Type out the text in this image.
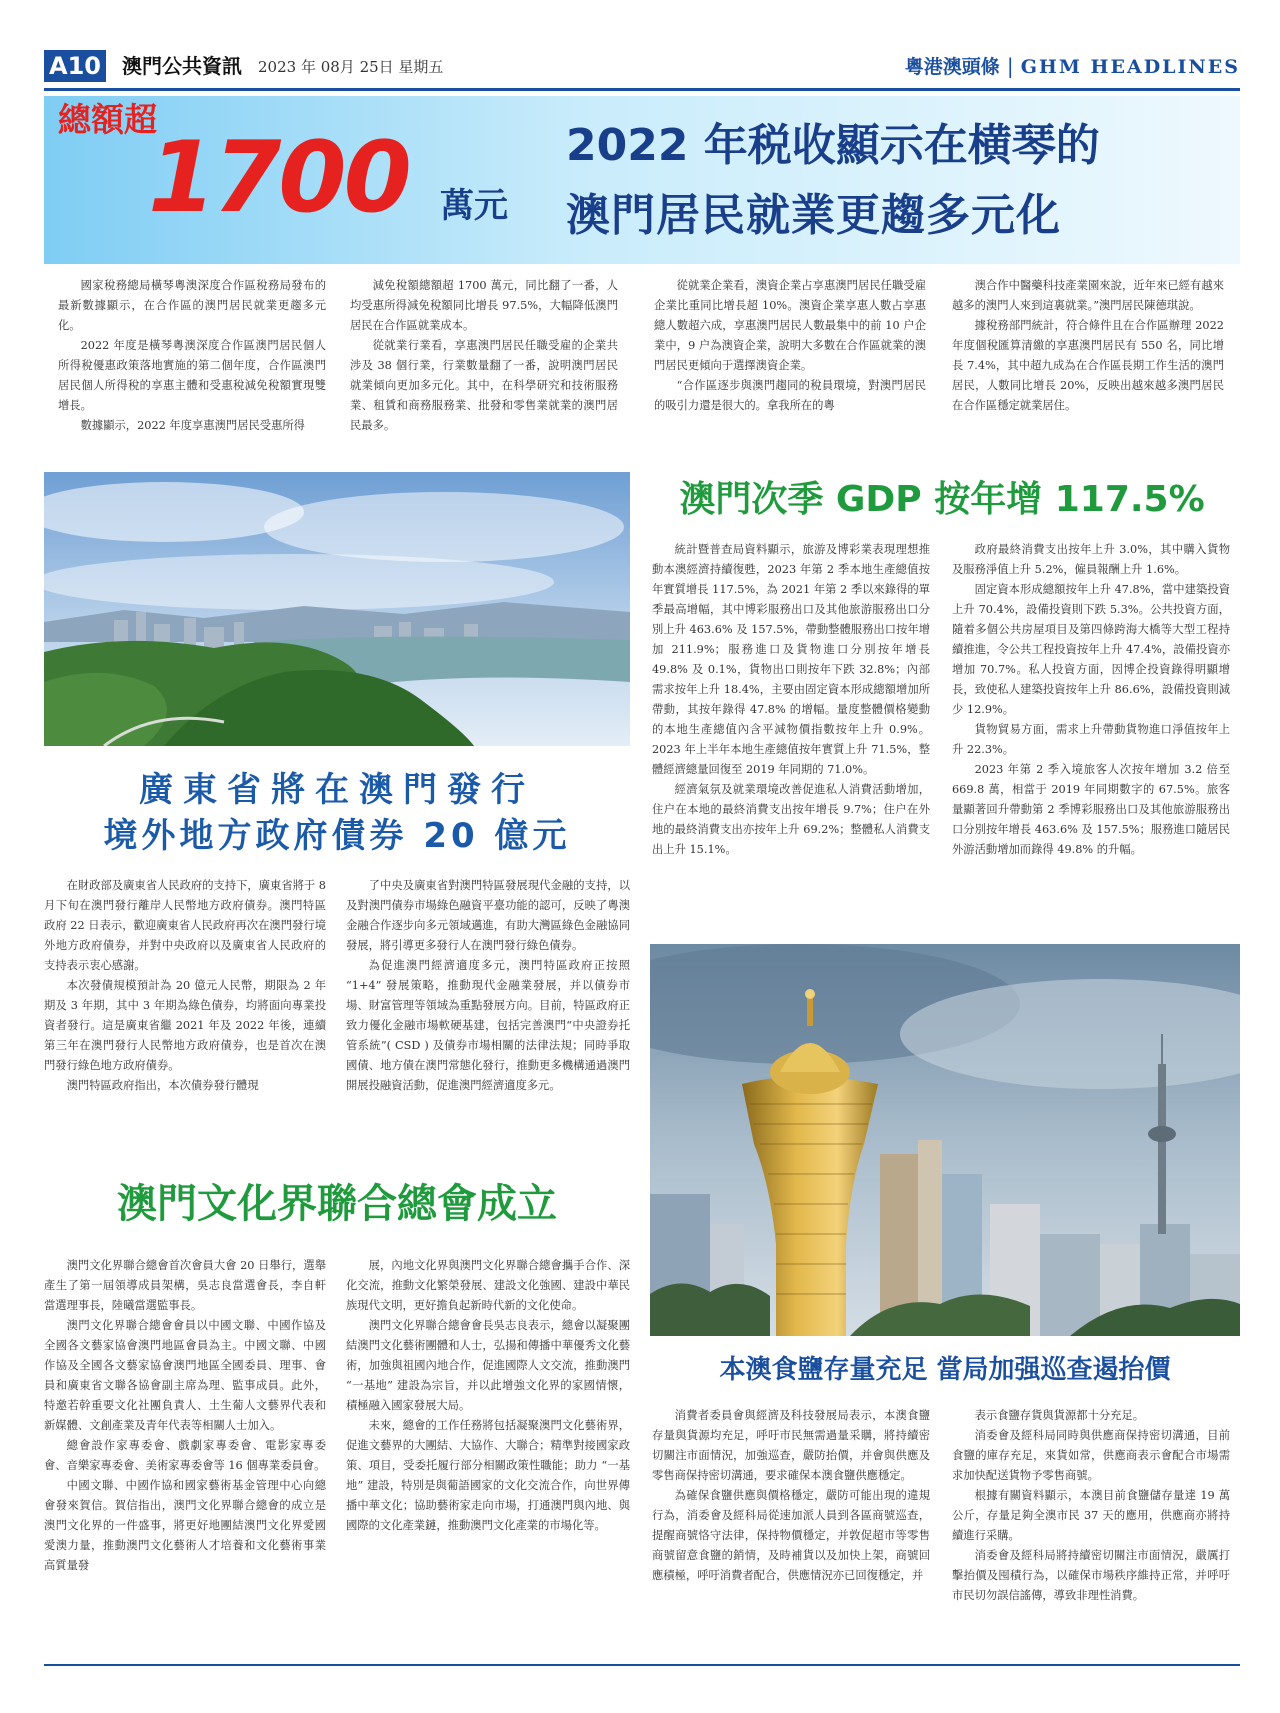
A10 澳門公共資訊 2023 年 08月 25日 星期五	粵港澳頭條 | GHM HEADLINES
總額超
1700 萬元
2022 年税收顯示在横琴的
澳門居民就業更趨多元化

國家稅務總局橫琴粵澳深度合作區稅務局發布的最新數據顯示，在合作區的澳門居民就業更趨多元化。

2022 年度是橫琴粵澳深度合作區澳門居民個人所得稅優惠政策落地實施的第二個年度，合作區澳門居民個人所得稅的享惠主體和受惠稅減免稅額實現雙增長。

數據顯示，2022 年度享惠澳門居民受惠所得

減免稅額總額超 1700 萬元，同比翻了一番，人均受惠所得減免稅額同比增長 97.5%，大幅降低澳門居民在合作區就業成本。

從就業行業看，享惠澳門居民任職受雇的企業共涉及 38 個行業，行業數量翻了一番，說明澳門居民就業傾向更加多元化。其中，在科學研究和技術服務業、租賃和商務服務業、批發和零售業就業的澳門居民最多。

從就業企業看，澳資企業占享惠澳門居民任職受雇企業比重同比增長超 10%。澳資企業享惠人數占享惠總人數超六成，享惠澳門居民人數最集中的前 10 户企業中，9 户為澳資企業，說明大多數在合作區就業的澳門居民更傾向于選擇澳資企業。

“合作區逐步與澳門趨同的稅員環境，對澳門居民的吸引力還是很大的。拿我所在的粵

澳合作中醫藥科技產業園來說，近年來已經有越來越多的澳門人來到這裏就業。”澳門居民陳德琪說。

據稅務部門統計，符合條件且在合作區辦理 2022 年度個稅匯算清繳的享惠澳門居民有 550 名，同比增長 7.4%，其中超九成為在合作區長期工作生活的澳門居民，人數同比增長 20%，反映出越來越多澳門居民在合作區穩定就業居住。

澳門次季 GDP 按年增 117.5%

統計暨普查局資料顯示，旅游及博彩業表現理想推動本澳經濟持續復甦，2023 年第 2 季本地生產總值按年實質增長 117.5%，為 2021 年第 2 季以來錄得的單季最高增幅，其中博彩服務出口及其他旅游服務出口分別上升 463.6% 及 157.5%，帶動整體服務出口按年增加 211.9%；服務進口及貨物進口分別按年增長 49.8% 及 0.1%，貨物出口則按年下跌 32.8%；內部需求按年上升 18.4%，主要由固定資本形成總額增加所帶動，其按年錄得 47.8% 的增幅。量度整體價格變動的本地生產總值內含平減物價指數按年上升 0.9%。2023 年上半年本地生產總值按年實質上升 71.5%，整體經濟總量回復至 2019 年同期的 71.0%。

經濟氣氛及就業環境改善促進私人消費活動增加，住户在本地的最終消費支出按年增長 9.7%；住户在外地的最終消費支出亦按年上升 69.2%；整體私人消費支出上升 15.1%。

政府最終消費支出按年上升 3.0%，其中購入貨物及服務淨值上升 5.2%，僱員報酬上升 1.6%。

固定資本形成總額按年上升 47.8%，當中建築投資上升 70.4%，設備投資則下跌 5.3%。公共投資方面，隨着多個公共房屋項目及第四條跨海大橋等大型工程持續推進，令公共工程投資按年上升 47.4%，設備投資亦增加 70.7%。私人投資方面，因博企投資錄得明顯增長，致使私人建築投資按年上升 86.6%，設備投資則減少 12.9%。

貨物貿易方面，需求上升帶動貨物進口淨值按年上升 22.3%。

2023 年第 2 季入境旅客人次按年增加 3.2 倍至 669.8 萬，相當于 2019 年同期數字的 67.5%。旅客量顯著回升帶動第 2 季博彩服務出口及其他旅游服務出口分別按年增長 463.6% 及 157.5%；服務進口隨居民外游活動增加而錄得 49.8% 的升幅。

廣東省將在澳門發行
境外地方政府債券 20 億元

在財政部及廣東省人民政府的支持下，廣東省將于 8 月下旬在澳門發行離岸人民幣地方政府債券。澳門特區政府 22 日表示，歡迎廣東省人民政府再次在澳門發行境外地方政府債券，并對中央政府以及廣東省人民政府的支持表示衷心感謝。

本次發債規模預計為 20 億元人民幣，期限為 2 年期及 3 年期，其中 3 年期為綠色債券，均將面向專業投資者發行。這是廣東省繼 2021 年及 2022 年後，連續第三年在澳門發行人民幣地方政府債券，也是首次在澳門發行綠色地方政府債券。

澳門特區政府指出，本次債券發行體現

了中央及廣東省對澳門特區發展現代金融的支持，以及對澳門債券市場綠色融資平臺功能的認可，反映了粵澳金融合作逐步向多元領域邁進，有助大灣區綠色金融協同發展，將引導更多發行人在澳門發行綠色債券。

為促進澳門經濟適度多元，澳門特區政府正按照 “1+4” 發展策略，推動現代金融業發展，并以債券市場、財富管理等領域為重點發展方向。目前，特區政府正致力優化金融市場軟硬基建，包括完善澳門“中央證券托管系統”( CSD ) 及債券市場相關的法律法規；同時爭取國債、地方債在澳門常態化發行，推動更多機構通過澳門開展投融資活動，促進澳門經濟適度多元。

澳門文化界聯合總會成立

澳門文化界聯合總會首次會員大會 20 日舉行，選舉產生了第一屆領導成員架構，吳志良當選會長，李自軒當選理事長，陸曦當選監事長。

澳門文化界聯合總會會員以中國文聯、中國作協及全國各文藝家協會澳門地區會員為主。中國文聯、中國作協及全國各文藝家協會澳門地區全國委員、理事、會員和廣東省文聯各協會副主席為理、監事成員。此外，特邀若幹重要文化社團負責人、土生葡人文藝界代表和新媒體、文創產業及青年代表等相關人士加入。

總會設作家專委會、戲劇家專委會、電影家專委會、音樂家專委會、美術家專委會等 16 個專業委員會。

中國文聯、中國作協和國家藝術基金管理中心向總會發來賀信。賀信指出，澳門文化界聯合總會的成立是澳門文化界的一件盛事，將更好地團結澳門文化界愛國愛澳力量，推動澳門文化藝術人才培養和文化藝術事業高質量發

展，內地文化界與澳門文化界聯合總會攜手合作、深化交流，推動文化繁榮發展、建設文化強國、建設中華民族現代文明，更好擔負起新時代新的文化使命。

澳門文化界聯合總會會長吳志良表示，總會以凝聚團結澳門文化藝術團體和人士，弘揚和傳播中華優秀文化藝術，加強與祖國內地合作，促進國際人文交流，推動澳門 “一基地” 建設為宗旨，并以此增強文化界的家國情懷，積極融入國家發展大局。

未來，總會的工作任務將包括凝聚澳門文化藝術界，促進文藝界的大團結、大協作、大聯合；精準對接國家政策、項目，受委托履行部分相關政策性職能；助力 “一基地” 建設，特別是與葡語國家的文化交流合作，向世界傳播中華文化；協助藝術家走向市場，打通澳門與內地、與國際的文化產業鏈，推動澳門文化產業的市場化等。

本澳食鹽存量充足 當局加强巡查遏抬價

消費者委員會與經濟及科技發展局表示，本澳食鹽存量與貨源均充足，呼吁市民無需過量采購，將持續密切關注市面情況，加強巡查，嚴防抬價，并會與供應及零售商保持密切溝通，要求確保本澳食鹽供應穩定。

為確保食鹽供應與價格穩定，嚴防可能出現的違規行為，消委會及經科局從速加派人員到各區商號巡查，提醒商號恪守法律，保持物價穩定，并敦促超市等零售商號留意食鹽的銷情，及時補貨以及加快上架，商號回應積極，呼吁消費者配合，供應情況亦已回復穩定，并

表示食鹽存貨與貨源都十分充足。

消委會及經科局同時與供應商保持密切溝通，目前食鹽的庫存充足，來貨如常，供應商表示會配合市場需求加快配送貨物予零售商號。

根據有關資料顯示，本澳目前食鹽儲存量達 19 萬公斤，存量足夠全澳市民 37 天的應用，供應商亦將持續進行采購。

消委會及經科局將持續密切關注市面情況，嚴厲打擊抬價及囤積行為，以確保市場秩序維持正常，并呼吁市民切勿誤信謠傳，導致非理性消費。
